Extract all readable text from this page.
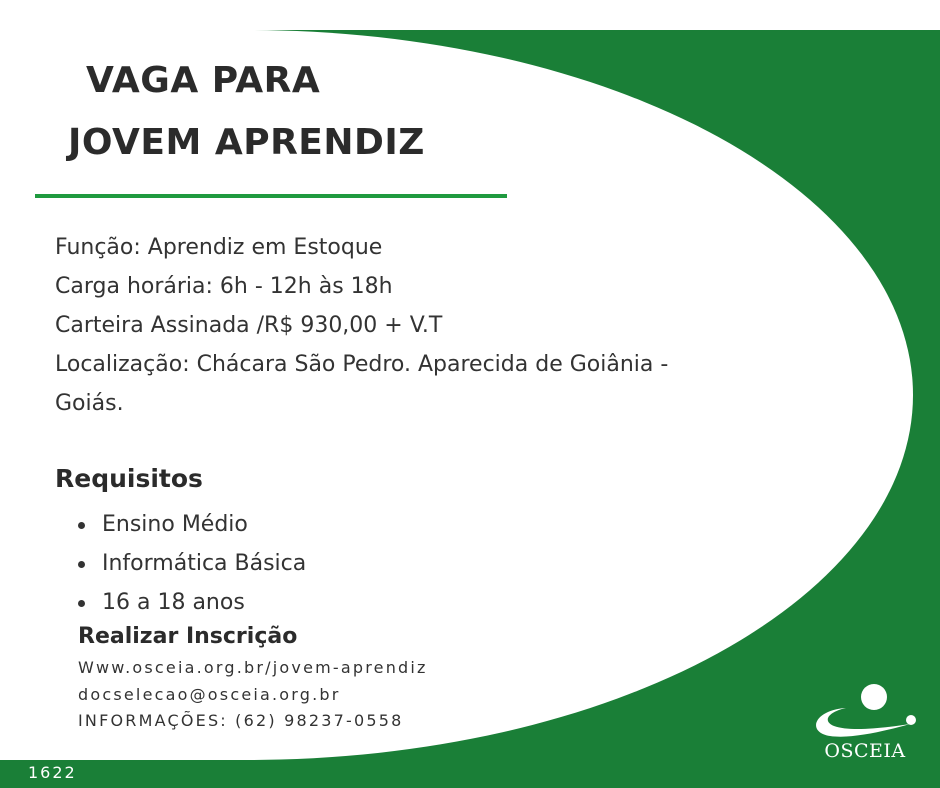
VAGA PARA
JOVEM APRENDIZ
Função: Aprendiz em Estoque
Carga horária: 6h - 12h às 18h
Carteira Assinada /R$ 930,00 + V.T
Localização: Chácara São Pedro. Aparecida de Goiânia -
Goiás.
Requisitos
Ensino Médio
Informática Básica
16 a 18 anos
Realizar Inscrição
Www.osceia.org.br/jovem-aprendiz
docselecao@osceia.org.br
INFORMAÇÕES: (62) 98237-0558
1622
OSCEIA
